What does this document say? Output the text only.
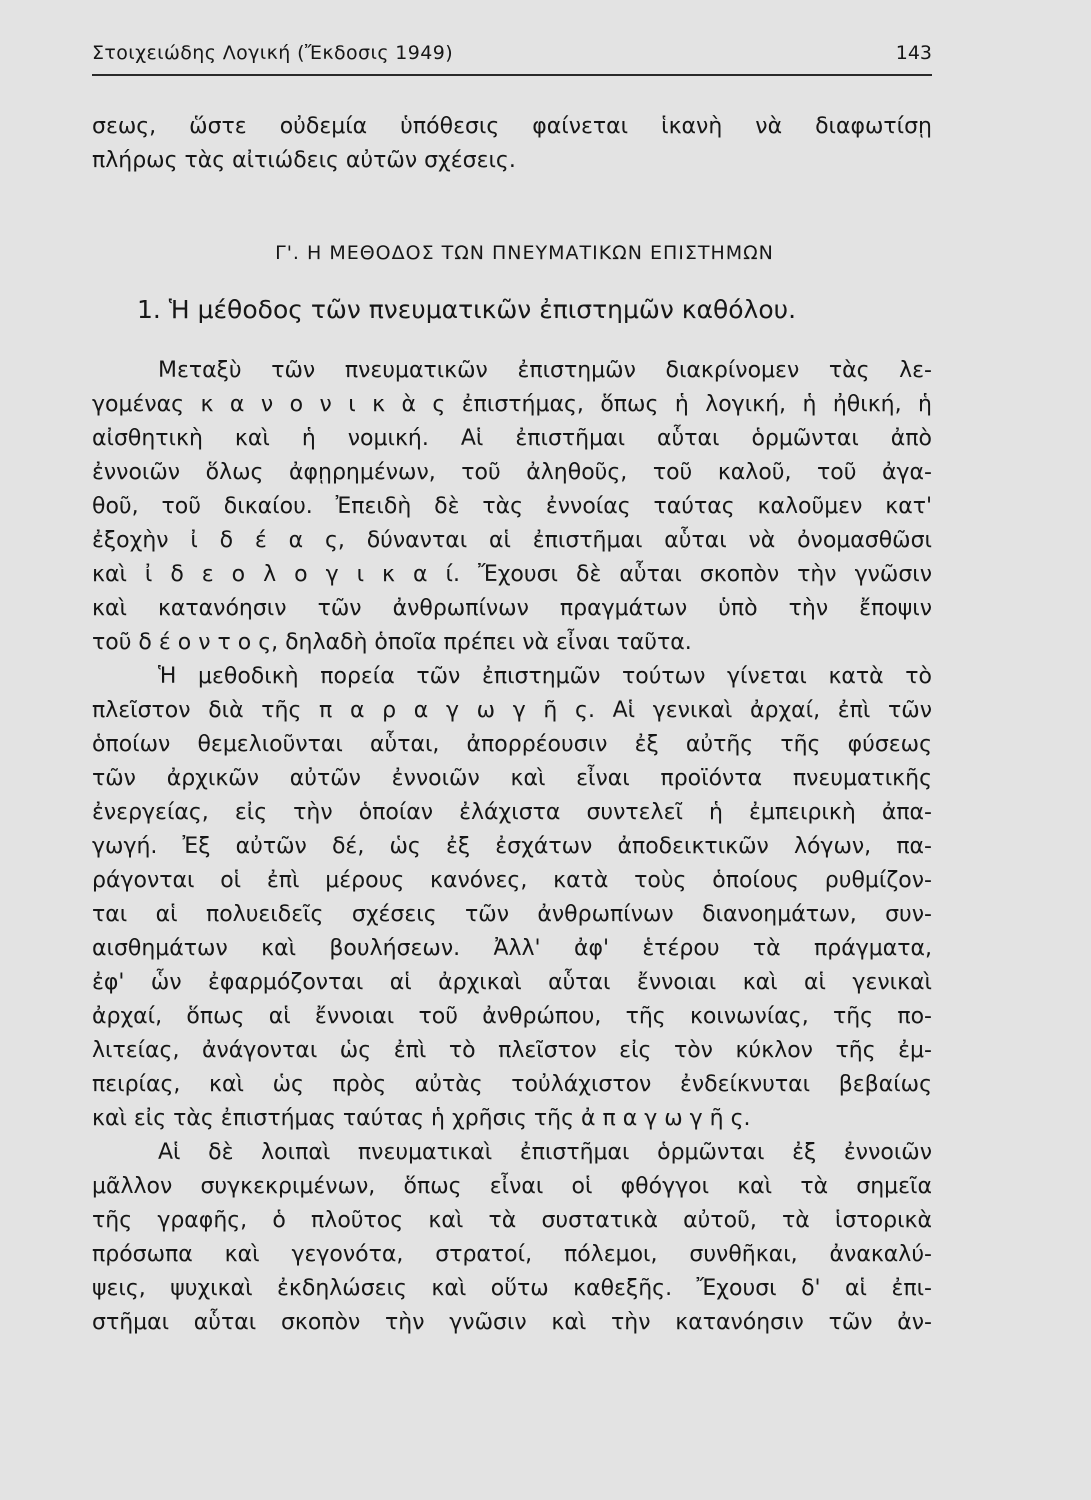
Στοιχειώδης Λογική (Ἔκδοσις 1949)	143
σεως, ὥστε οὐδεμία ὑπόθεσις φαίνεται ἱκανὴ νὰ διαφωτίσῃ
πλήρως τὰς αἰτιώδεις αὐτῶν σχέσεις.
Γ'. Η ΜΕΘΟΔΟΣ ΤΩΝ ΠΝΕΥΜΑΤΙΚΩΝ ΕΠΙΣΤΗΜΩΝ
1. Ἡ μέθοδος τῶν πνευματικῶν ἐπιστημῶν καθόλου.
Μεταξὺ τῶν πνευματικῶν ἐπιστημῶν διακρίνομεν τὰς λε-
γομένας κ α ν ο ν ι κ ὰ ς ἐπιστήμας, ὅπως ἡ λογική, ἡ ἠθική, ἡ
αἰσθητικὴ καὶ ἡ νομική. Αἱ ἐπιστῆμαι αὗται ὁρμῶνται ἀπὸ
ἐννοιῶν ὅλως ἀφῃρημένων, τοῦ ἀληθοῦς, τοῦ καλοῦ, τοῦ ἀγα-
θοῦ, τοῦ δικαίου. Ἐπειδὴ δὲ τὰς ἐννοίας ταύτας καλοῦμεν κατ'
ἐξοχὴν ἰ δ έ α ς, δύνανται αἱ ἐπιστῆμαι αὗται νὰ ὀνομασθῶσι
καὶ ἰ δ ε ο λ ο γ ι κ α ί. Ἔχουσι δὲ αὗται σκοπὸν τὴν γνῶσιν
καὶ κατανόησιν τῶν ἀνθρωπίνων πραγμάτων ὑπὸ τὴν ἔποψιν
τοῦ δ έ ο ν τ ο ς, δηλαδὴ ὁποῖα πρέπει νὰ εἶναι ταῦτα.
Ἡ μεθοδικὴ πορεία τῶν ἐπιστημῶν τούτων γίνεται κατὰ τὸ
πλεῖστον διὰ τῆς π α ρ α γ ω γ ῆ ς. Αἱ γενικαὶ ἀρχαί, ἐπὶ τῶν
ὁποίων θεμελιοῦνται αὗται, ἀπορρέουσιν ἐξ αὐτῆς τῆς φύσεως
τῶν ἀρχικῶν αὐτῶν ἐννοιῶν καὶ εἶναι προϊόντα πνευματικῆς
ἐνεργείας, εἰς τὴν ὁποίαν ἐλάχιστα συντελεῖ ἡ ἐμπειρικὴ ἀπα-
γωγή. Ἐξ αὐτῶν δέ, ὡς ἐξ ἐσχάτων ἀποδεικτικῶν λόγων, πα-
ράγονται οἱ ἐπὶ μέρους κανόνες, κατὰ τοὺς ὁποίους ρυθμίζον-
ται αἱ πολυειδεῖς σχέσεις τῶν ἀνθρωπίνων διανοημάτων, συν-
αισθημάτων καὶ βουλήσεων. Ἀλλ' ἀφ' ἑτέρου τὰ πράγματα,
ἐφ' ὧν ἐφαρμόζονται αἱ ἀρχικαὶ αὗται ἔννοιαι καὶ αἱ γενικαὶ
ἀρχαί, ὅπως αἱ ἔννοιαι τοῦ ἀνθρώπου, τῆς κοινωνίας, τῆς πο-
λιτείας, ἀνάγονται ὡς ἐπὶ τὸ πλεῖστον εἰς τὸν κύκλον τῆς ἐμ-
πειρίας, καὶ ὡς πρὸς αὐτὰς τοὐλάχιστον ἐνδείκνυται βεβαίως
καὶ εἰς τὰς ἐπιστήμας ταύτας ἡ χρῆσις τῆς ἀ π α γ ω γ ῆ ς.
Αἱ δὲ λοιπαὶ πνευματικαὶ ἐπιστῆμαι ὁρμῶνται ἐξ ἐννοιῶν
μᾶλλον συγκεκριμένων, ὅπως εἶναι οἱ φθόγγοι καὶ τὰ σημεῖα
τῆς γραφῆς, ὁ πλοῦτος καὶ τὰ συστατικὰ αὐτοῦ, τὰ ἱστορικὰ
πρόσωπα καὶ γεγονότα, στρατοί, πόλεμοι, συνθῆκαι, ἀνακαλύ-
ψεις, ψυχικαὶ ἐκδηλώσεις καὶ οὕτω καθεξῆς. Ἔχουσι δ' αἱ ἐπι-
στῆμαι αὗται σκοπὸν τὴν γνῶσιν καὶ τὴν κατανόησιν τῶν ἀν-
